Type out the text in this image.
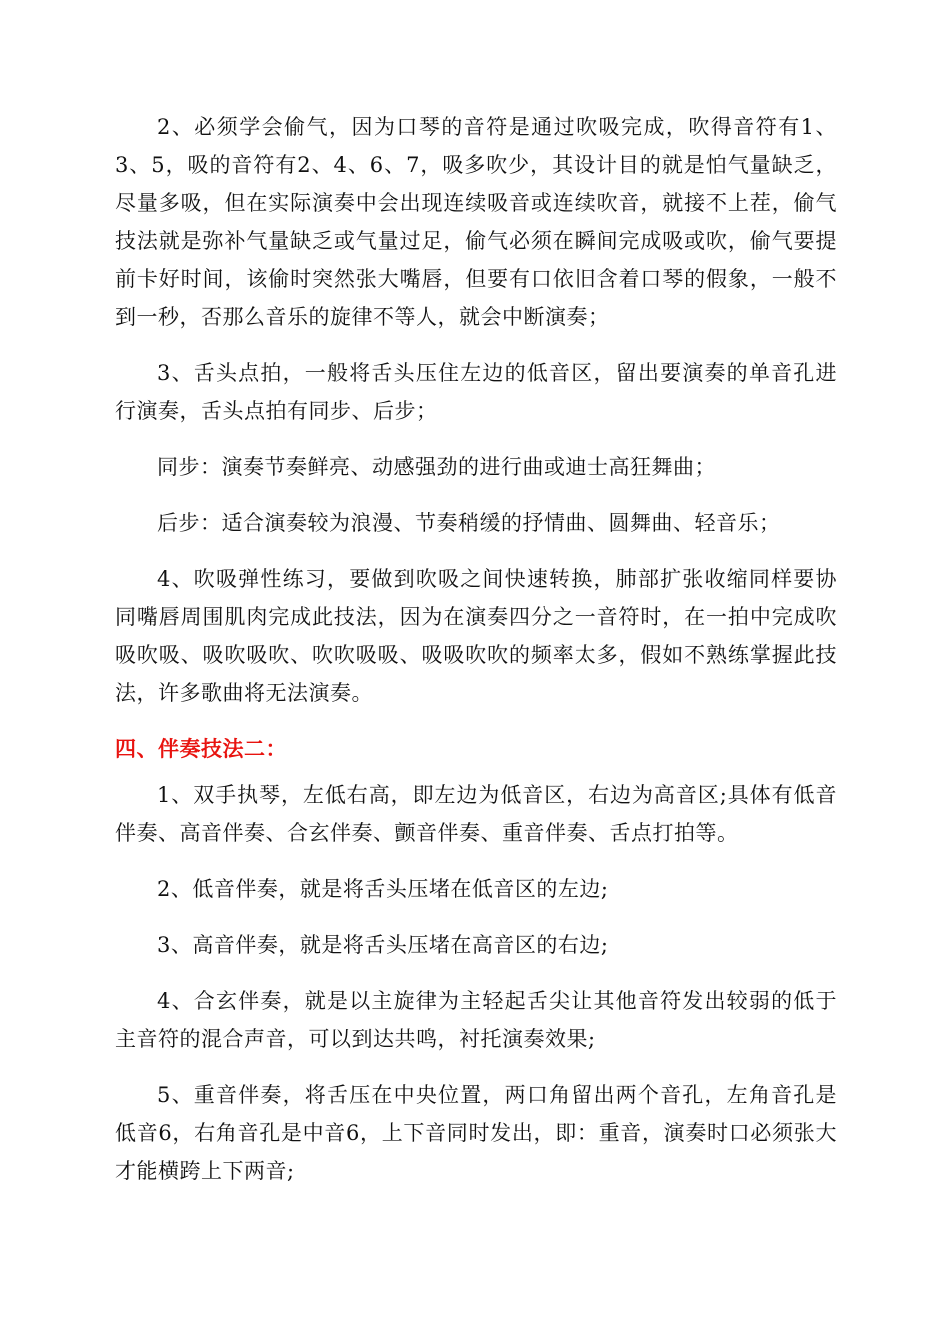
2、必须学会偷气，因为口琴的音符是通过吹吸完成，吹得音符有1、3、5，吸的音符有2、4、6、7，吸多吹少，其设计目的就是怕气量缺乏，尽量多吸，但在实际演奏中会出现连续吸音或连续吹音，就接不上茬，偷气技法就是弥补气量缺乏或气量过足，偷气必须在瞬间完成吸或吹，偷气要提前卡好时间，该偷时突然张大嘴唇，但要有口依旧含着口琴的假象，一般不到一秒，否那么音乐的旋律不等人，就会中断演奏；

3、舌头点拍，一般将舌头压住左边的低音区，留出要演奏的单音孔进行演奏，舌头点拍有同步、后步；

同步：演奏节奏鲜亮、动感强劲的进行曲或迪士高狂舞曲；

后步：适合演奏较为浪漫、节奏稍缓的抒情曲、圆舞曲、轻音乐；

4、吹吸弹性练习，要做到吹吸之间快速转换，肺部扩张收缩同样要协同嘴唇周围肌肉完成此技法，因为在演奏四分之一音符时，在一拍中完成吹吸吹吸、吸吹吸吹、吹吹吸吸、吸吸吹吹的频率太多，假如不熟练掌握此技法，许多歌曲将无法演奏。

四、伴奏技法二：

1、双手执琴，左低右高，即左边为低音区，右边为高音区;具体有低音伴奏、高音伴奏、合玄伴奏、颤音伴奏、重音伴奏、舌点打拍等。

2、低音伴奏，就是将舌头压堵在低音区的左边;

3、高音伴奏，就是将舌头压堵在高音区的右边;

4、合玄伴奏，就是以主旋律为主轻起舌尖让其他音符发出较弱的低于主音符的混合声音，可以到达共鸣，衬托演奏效果;

5、重音伴奏，将舌压在中央位置，两口角留出两个音孔，左角音孔是低音6，右角音孔是中音6，上下音同时发出，即：重音，演奏时口必须张大才能横跨上下两音;
